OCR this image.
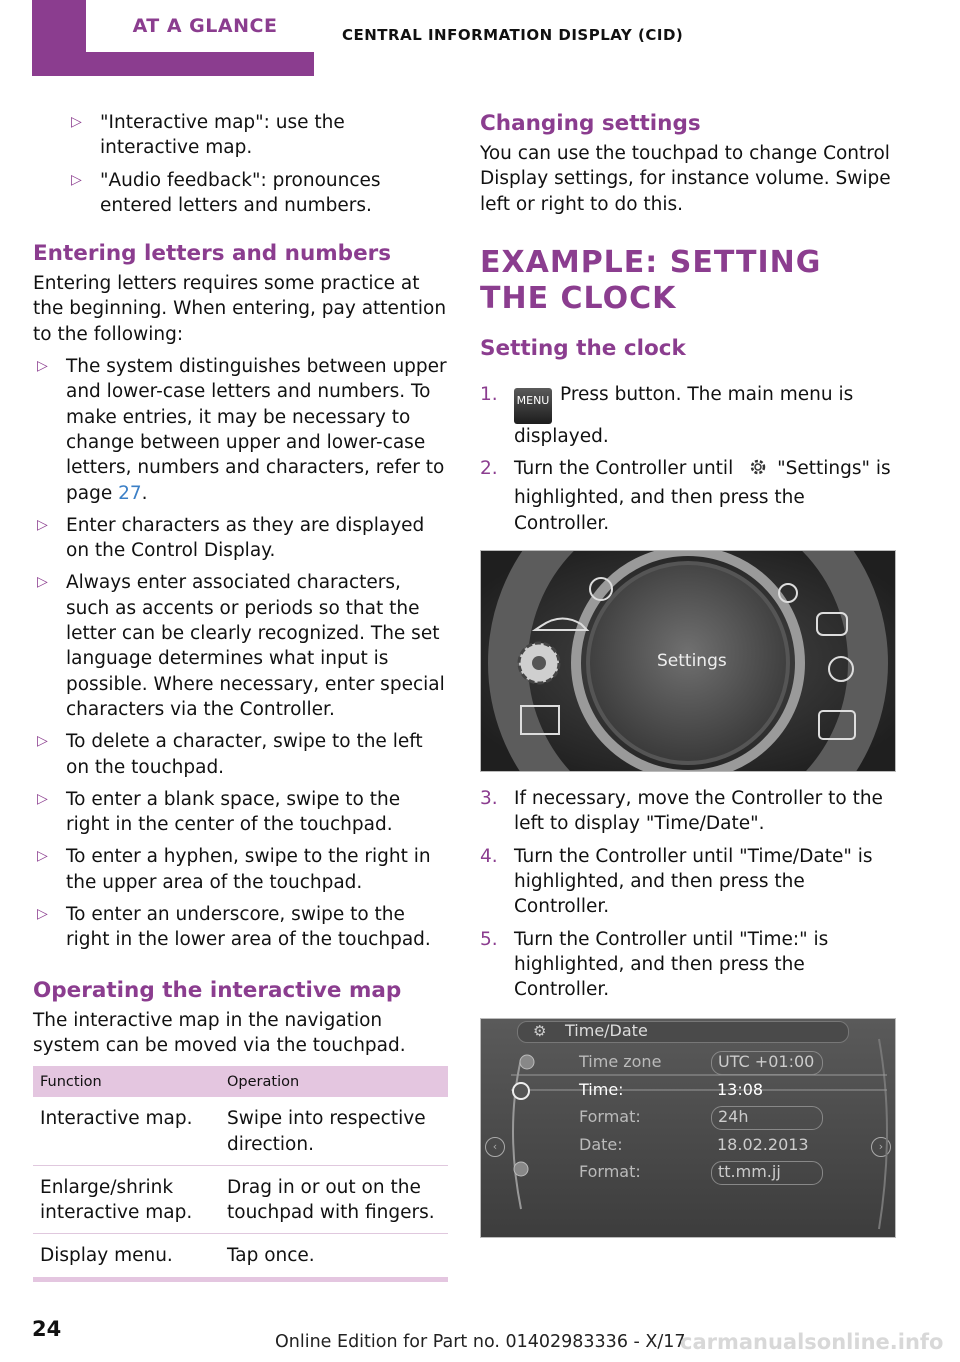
AT A GLANCE	CENTRAL INFORMATION DISPLAY (CID)
▷ "Interactive map": use the interactive map.
▷ "Audio feedback": pronounces entered letters and numbers.
Entering letters and numbers

Entering letters requires some practice at the beginning. When entering, pay attention to the following:

▷ The system distinguishes between upper and lower-case letters and numbers. To make entries, it may be necessary to change between upper and lower-case letters, numbers and characters, refer to page 27.
▷ Enter characters as they are displayed on the Control Display.
▷ Always enter associated characters, such as accents or periods so that the letter can be clearly recognized. The set language determines what input is possible. Where necessary, enter special characters via the Controller.
▷ To delete a character, swipe to the left on the touchpad.
▷ To enter a blank space, swipe to the right in the center of the touchpad.
▷ To enter a hyphen, swipe to the right in the upper area of the touchpad.
▷ To enter an underscore, swipe to the right in the lower area of the touchpad.
Operating the interactive map

The interactive map in the navigation system can be moved via the touchpad.

Function	Operation
Interactive map.	Swipe into respective direction.
Enlarge/shrink interactive map.	Drag in or out on the touchpad with fingers.
Display menu.	Tap once.
Changing settings

You can use the touchpad to change Control Display settings, for instance volume. Swipe left or right to do this.

EXAMPLE: SETTING THE CLOCK
Setting the clock
1.	MENU Press button. The main menu is displayed.
2. Turn the Controller until "Settings" is highlighted, and then press the Controller.
Settings
3. If necessary, move the Controller to the left to display "Time/Date".
4. Turn the Controller until "Time/Date" is highlighted, and then press the Controller.
5. Turn the Controller until "Time:" is highlighted, and then press the Controller.
⚙ Time/Date
‹	›
Time zone	UTC +01:00
Time:	13:08
Format:	24h
Date:	18.02.2013
Format:	tt.mm.jj
24
Online Edition for Part no. 01402983336 - X/17
carmanualsonline.info
